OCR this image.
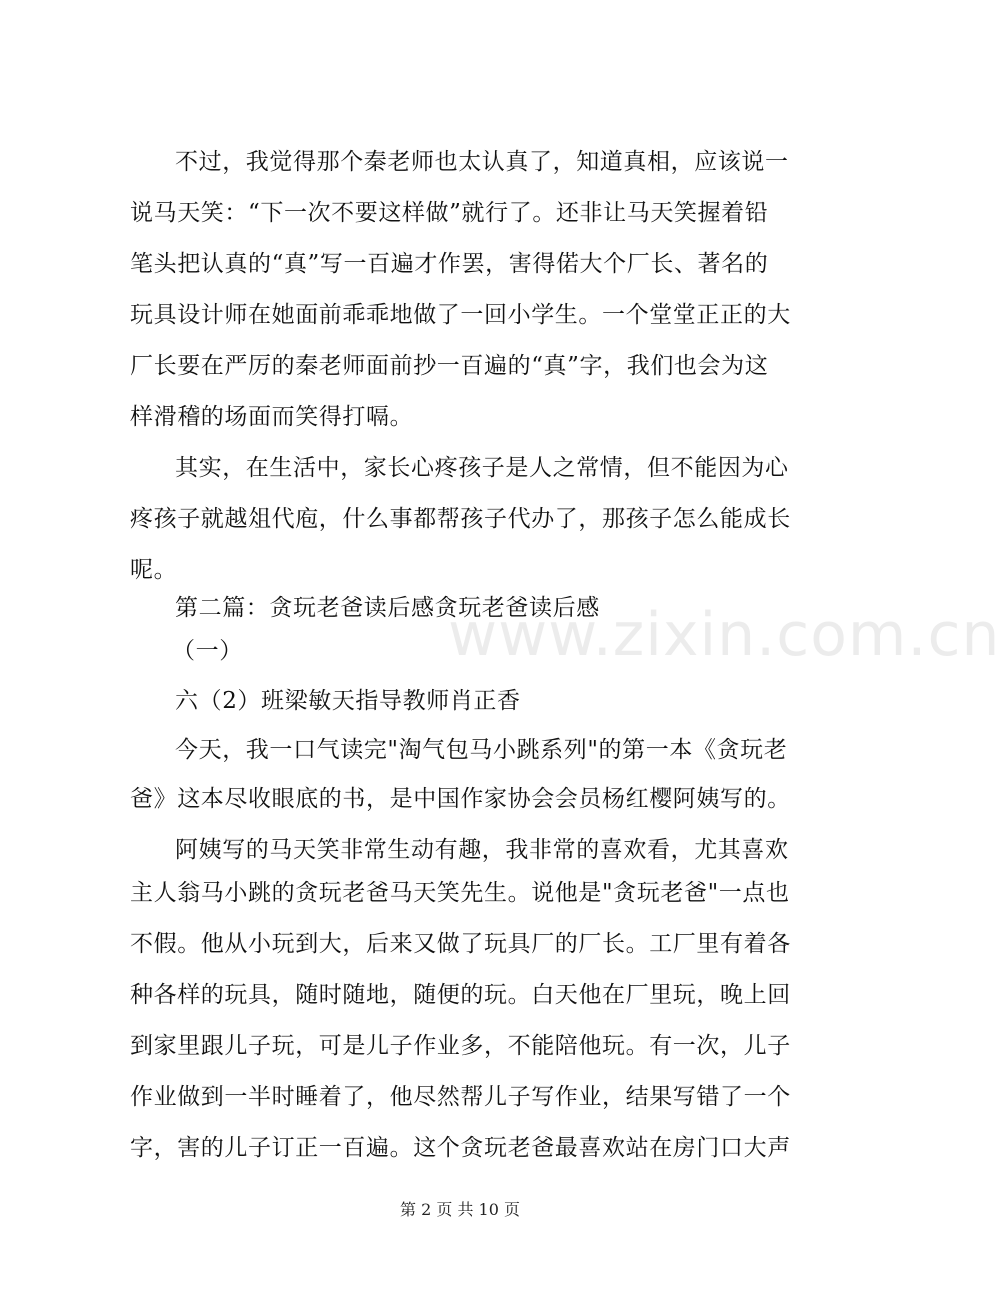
www.zixin.com.cn
不过，我觉得那个秦老师也太认真了，知道真相，应该说一
说马天笑：“下一次不要这样做”就行了。还非让马天笑握着铅
笔头把认真的“真”写一百遍才作罢，害得偌大个厂长、著名的
玩具设计师在她面前乖乖地做了一回小学生。一个堂堂正正的大
厂长要在严厉的秦老师面前抄一百遍的“真”字，我们也会为这
样滑稽的场面而笑得打嗝。
其实，在生活中，家长心疼孩子是人之常情，但不能因为心
疼孩子就越俎代庖，什么事都帮孩子代办了，那孩子怎么能成长
呢。
第二篇：贪玩老爸读后感贪玩老爸读后感
（一）
六（2）班梁敏天指导教师肖正香
今天，我一口气读完"淘气包马小跳系列"的第一本《贪玩老
爸》这本尽收眼底的书，是中国作家协会会员杨红樱阿姨写的。
阿姨写的马天笑非常生动有趣，我非常的喜欢看，尤其喜欢
主人翁马小跳的贪玩老爸马天笑先生。说他是"贪玩老爸"一点也
不假。他从小玩到大，后来又做了玩具厂的厂长。工厂里有着各
种各样的玩具，随时随地，随便的玩。白天他在厂里玩，晚上回
到家里跟儿子玩，可是儿子作业多，不能陪他玩。有一次，儿子
作业做到一半时睡着了，他尽然帮儿子写作业，结果写错了一个
字，害的儿子订正一百遍。这个贪玩老爸最喜欢站在房门口大声
第 2 页 共 10 页
